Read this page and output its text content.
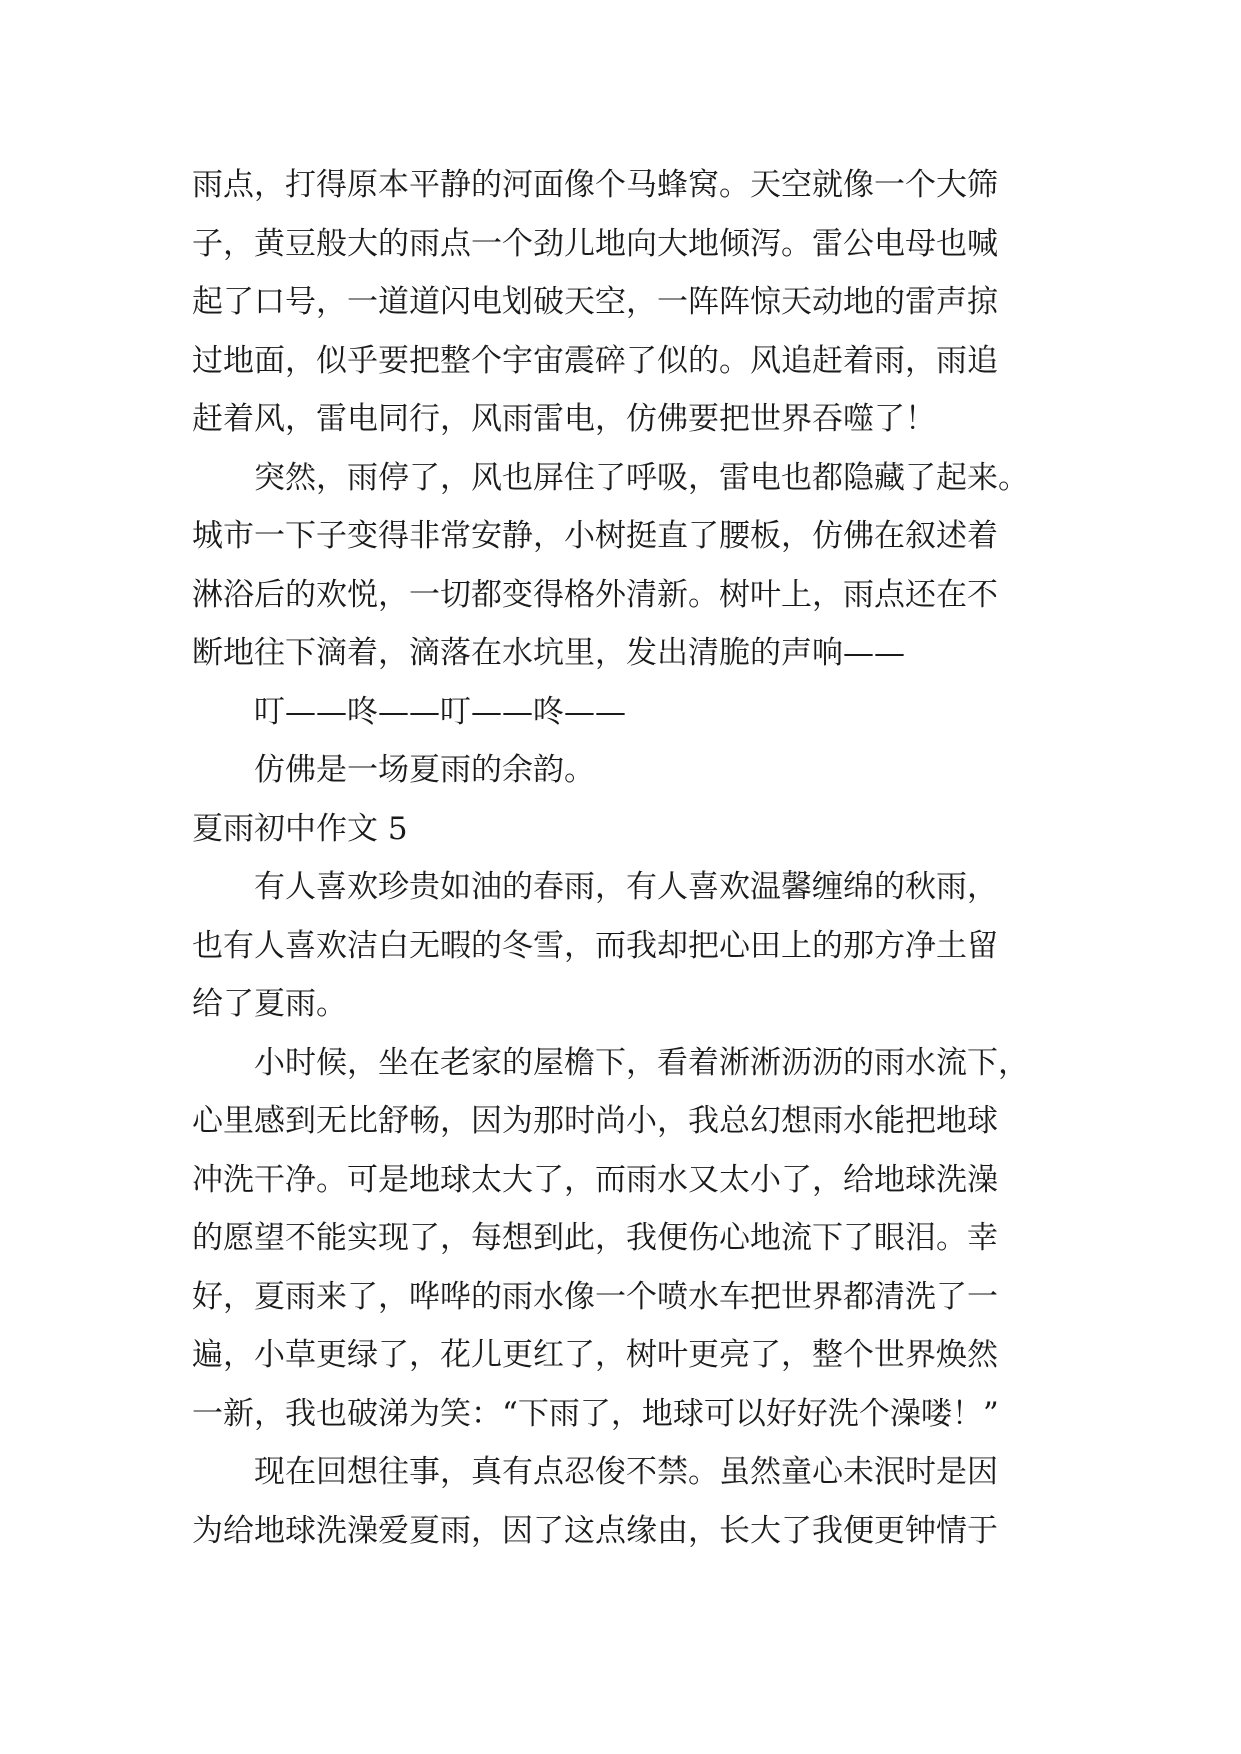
雨点，打得原本平静的河面像个马蜂窝。天空就像一个大筛
子，黄豆般大的雨点一个劲儿地向大地倾泻。雷公电母也喊
起了口号，一道道闪电划破天空，一阵阵惊天动地的雷声掠
过地面，似乎要把整个宇宙震碎了似的。风追赶着雨，雨追
赶着风，雷电同行，风雨雷电，仿佛要把世界吞噬了！
突然，雨停了，风也屏住了呼吸，雷电也都隐藏了起来。
城市一下子变得非常安静，小树挺直了腰板，仿佛在叙述着
淋浴后的欢悦，一切都变得格外清新。树叶上，雨点还在不
断地往下滴着，滴落在水坑里，发出清脆的声响——
叮——咚——叮——咚——
仿佛是一场夏雨的余韵。
夏雨初中作文 5
有人喜欢珍贵如油的春雨，有人喜欢温馨缠绵的秋雨，
也有人喜欢洁白无暇的冬雪，而我却把心田上的那方净土留
给了夏雨。
小时候，坐在老家的屋檐下，看着淅淅沥沥的雨水流下，
心里感到无比舒畅，因为那时尚小，我总幻想雨水能把地球
冲洗干净。可是地球太大了，而雨水又太小了，给地球洗澡
的愿望不能实现了，每想到此，我便伤心地流下了眼泪。幸
好，夏雨来了，哗哗的雨水像一个喷水车把世界都清洗了一
遍，小草更绿了，花儿更红了，树叶更亮了，整个世界焕然
一新，我也破涕为笑：“下雨了，地球可以好好洗个澡喽！”
现在回想往事，真有点忍俊不禁。虽然童心未泯时是因
为给地球洗澡爱夏雨，因了这点缘由，长大了我便更钟情于
